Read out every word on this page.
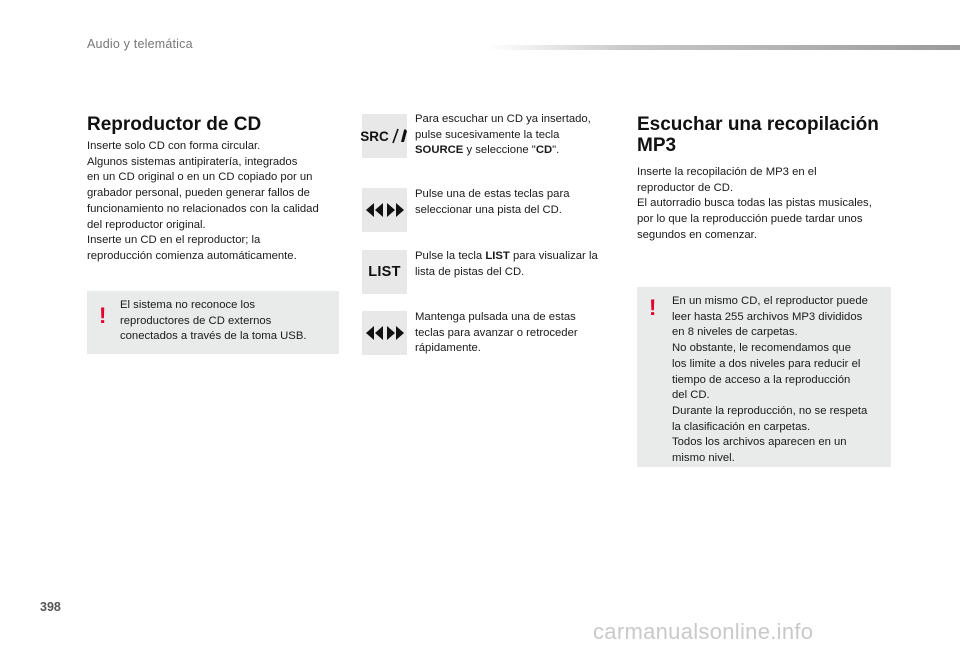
Audio y telemática
Reproductor de CD
Inserte solo CD con forma circular.
Algunos sistemas antipiratería, integrados
en un CD original o en un CD copiado por un
grabador personal, pueden generar fallos de
funcionamiento no relacionados con la calidad
del reproductor original.
Inserte un CD en el reproductor; la
reproducción comienza automáticamente.
! El sistema no reconoce los
reproductores de CD externos
conectados a través de la toma USB.
SRC
LIST
Para escuchar un CD ya insertado,
pulse sucesivamente la tecla
SOURCE y seleccione "CD".
Pulse una de estas teclas para
seleccionar una pista del CD.
Pulse la tecla LIST para visualizar la
lista de pistas del CD.
Mantenga pulsada una de estas
teclas para avanzar o retroceder
rápidamente.
Escuchar una recopilación
MP3
Inserte la recopilación de MP3 en el
reproductor de CD.
El autorradio busca todas las pistas musicales,
por lo que la reproducción puede tardar unos
segundos en comenzar.
! En un mismo CD, el reproductor puede
leer hasta 255 archivos MP3 divididos
en 8 niveles de carpetas.
No obstante, le recomendamos que
los limite a dos niveles para reducir el
tiempo de acceso a la reproducción
del CD.
Durante la reproducción, no se respeta
la clasificación en carpetas.
Todos los archivos aparecen en un
mismo nivel.
398
carmanualsonline.info
